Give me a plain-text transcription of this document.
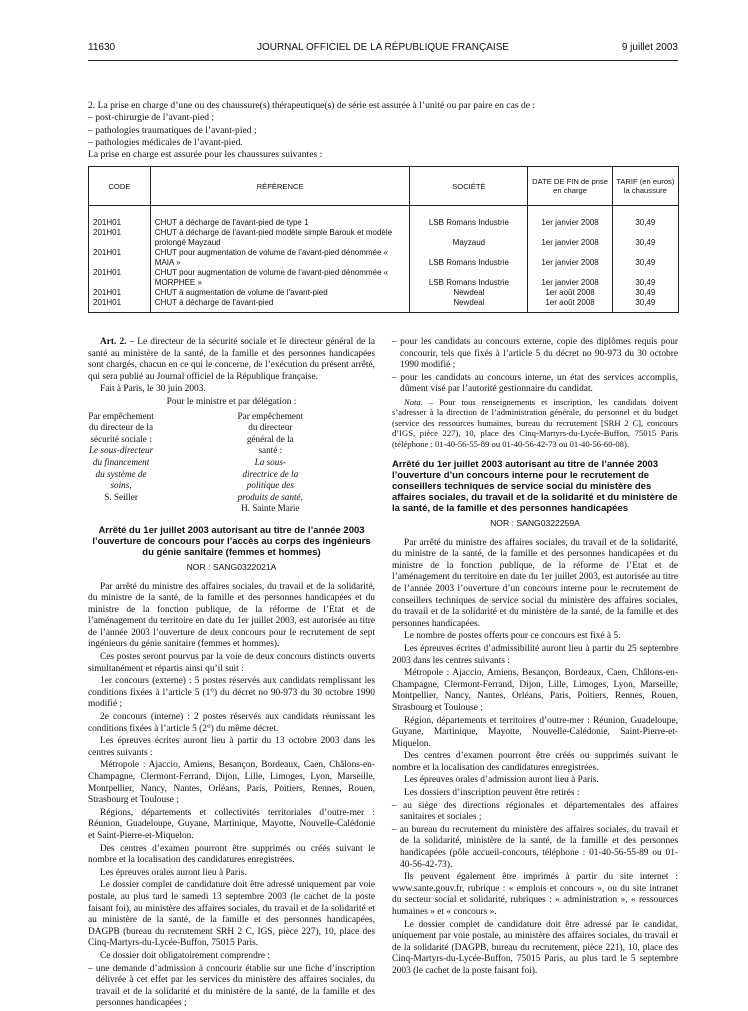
11630	JOURNAL OFFICIEL DE LA RÉPUBLIQUE FRANÇAISE	9 juillet 2003

2. La prise en charge d’une ou des chaussure(s) thérapeutique(s) de série est assurée à l’unité ou par paire en cas de :

– post-chirurgie de l’avant-pied ;

– pathologies traumatiques de l’avant-pied ;

– pathologies médicales de l’avant-pied.

La prise en charge est assurée pour les chaussures suivantes :

CODE	RÉFÉRENCE	SOCIÉTÉ	DATE DE FIN de prise en charge	TARIF (en euros) la chaussure
201H01	CHUT à décharge de l’avant-pied de type 1	LSB Romans Industrie	1er janvier 2008	30,49
201H01	CHUT à décharge de l’avant-pied modèle simple Barouk et modèle prolongé Mayzaud	Mayzaud	1er janvier 2008	30,49
201H01	CHUT pour augmentation de volume de l’avant-pied dénommée « MAIA »	LSB Romans Industrie	1er janvier 2008	30,49
201H01	CHUT pour augmentation de volume de l’avant-pied dénommée « MORPHEE »	LSB Romans Industrie	1er janvier 2008	30,49
201H01	CHUT à augmentation de volume de l’avant-pied	Newdeal	1er août 2008	30,49
201H01	CHUT à décharge de l’avant-pied	Newdeal	1er août 2008	30,49

Art. 2. – Le directeur de la sécurité sociale et le directeur général de la santé au ministère de la santé, de la famille et des personnes handicapées sont chargés, chacun en ce qui le concerne, de l’exécution du présent arrêté, qui sera publié au Journal officiel de la République française.

Fait à Paris, le 30 juin 2003.

Pour le ministre et par délégation :

Par empêchement du directeur de la sécurité sociale :
Le sous-directeur du financement du système de soins,
S. Seiller
Par empêchement du directeur général de la santé :
La sous-directrice de la politique des produits de santé,
H. Sainte Marie
Arrêté du 1er juillet 2003 autorisant au titre de l’année 2003 l’ouverture de concours pour l’accès au corps des ingénieurs du génie sanitaire (femmes et hommes)
NOR : SANG0322021A

Par arrêté du ministre des affaires sociales, du travail et de la solidarité, du ministre de la santé, de la famille et des personnes handicapées et du ministre de la fonction publique, de la réforme de l’Etat et de l’aménagement du territoire en date du 1er juillet 2003, est autorisée au titre de l’année 2003 l’ouverture de deux concours pour le recrutement de sept ingénieurs du génie sanitaire (femmes et hommes).

Ces postes seront pourvus par la voie de deux concours distincts ouverts simultanément et répartis ainsi qu’il suit :

1er concours (externe) : 5 postes réservés aux candidats remplissant les conditions fixées à l’article 5 (1°) du décret no 90-973 du 30 octobre 1990 modifié ;

2e concours (interne) : 2 postes réservés aux candidats réunissant les conditions fixées à l’article 5 (2°) du même décret.

Les épreuves écrites auront lieu à partir du 13 octobre 2003 dans les centres suivants :

Métropole : Ajaccio, Amiens, Besançon, Bordeaux, Caen, Châlons-en-Champagne, Clermont-Ferrand, Dijon, Lille, Limoges, Lyon, Marseille, Montpellier, Nancy, Nantes, Orléans, Paris, Poitiers, Rennes, Rouen, Strasbourg et Toulouse ;

Régions, départements et collectivités territoriales d’outre-mer : Réunion, Guadeloupe, Guyane, Martinique, Mayotte, Nouvelle-Calédonie et Saint-Pierre-et-Miquelon.

Des centres d’examen pourront être supprimés ou créés suivant le nombre et la localisation des candidatures enregistrées.

Les épreuves orales auront lieu à Paris.

Le dossier complet de candidature doit être adressé uniquement par voie postale, au plus tard le samedi 13 septembre 2003 (le cachet de la poste faisant foi), au ministère des affaires sociales, du travail et de la solidarité et au ministère de la santé, de la famille et des personnes handicapées, DAGPB (bureau du recrutement SRH 2 C, IGS, pièce 227), 10, place des Cinq-Martyrs-du-Lycée-Buffon, 75015 Paris.

Ce dossier doit obligatoirement comprendre :

– une demande d’admission à concourir établie sur une fiche d’inscription délivrée à cet effet par les services du ministère des affaires sociales, du travail et de la solidarité et du ministère de la santé, de la famille et des personnes handicapées ;

– pour les candidats au concours externe, copie des diplômes requis pour concourir, tels que fixés à l’article 5 du décret no 90-973 du 30 octobre 1990 modifié ;

– pour les candidats au concours interne, un état des services accomplis, dûment visé par l’autorité gestionnaire du candidat.

Nota. – Pour tous renseignements et inscription, les candidats doivent s’adresser à la direction de l’administration générale, du personnel et du budget (service des ressources humaines, bureau du recrutement [SRH 2 C], concours d’IGS, pièce 227), 10, place des Cinq-Martyrs-du-Lycée-Buffon, 75015 Paris (téléphone : 01-40-56-55-89 ou 01-40-56-42-73 ou 01-40-56-60-08).

Arrêté du 1er juillet 2003 autorisant au titre de l’année 2003 l’ouverture d’un concours interne pour le recrutement de conseillers techniques de service social du ministère des affaires sociales, du travail et de la solidarité et du ministère de la santé, de la famille et des personnes handicapées
NOR : SANG0322259A

Par arrêté du ministre des affaires sociales, du travail et de la solidarité, du ministre de la santé, de la famille et des personnes handicapées et du ministre de la fonction publique, de la réforme de l’Etat et de l’aménagement du territoire en date du 1er juillet 2003, est autorisée au titre de l’année 2003 l’ouverture d’un concours interne pour le recrutement de conseillers techniques de service social du ministère des affaires sociales, du travail et de la solidarité et du ministère de la santé, de la famille et des personnes handicapées.

Le nombre de postes offerts pour ce concours est fixé à 5.

Les épreuves écrites d’admissibilité auront lieu à partir du 25 septembre 2003 dans les centres suivants :

Métropole : Ajaccio, Amiens, Besançon, Bordeaux, Caen, Châlons-en-Champagne, Clermont-Ferrand, Dijon, Lille, Limoges, Lyon, Marseille, Montpellier, Nancy, Nantes, Orléans, Paris, Poitiers, Rennes, Rouen, Strasbourg et Toulouse ;

Région, départements et territoires d’outre-mer : Réunion, Guadeloupe, Guyane, Martinique, Mayotte, Nouvelle-Calédonie, Saint-Pierre-et-Miquelon.

Des centres d’examen pourront être créés ou supprimés suivant le nombre et la localisation des candidatures enregistrées.

Les épreuves orales d’admission auront lieu à Paris.

Les dossiers d’inscription peuvent être retirés :

– au siège des directions régionales et départementales des affaires sanitaires et sociales ;

– au bureau du recrutement du ministère des affaires sociales, du travail et de la solidarité, ministère de la santé, de la famille et des personnes handicapées (pôle accueil-concours, téléphone : 01-40-56-55-89 ou 01-40-56-42-73).

Ils peuvent également être imprimés à partir du site internet : www.sante.gouv.fr, rubrique : « emplois et concours », ou du site intranet du secteur social et solidarité, rubriques : « administration », « ressources humaines » et « concours ».

Le dossier complet de candidature doit être adressé par le candidat, uniquement par voie postale, au ministère des affaires sociales, du travail et de la solidarité (DAGPB, bureau du recrutement, pièce 221), 10, place des Cinq-Martyrs-du-Lycée-Buffon, 75015 Paris, au plus tard le 5 septembre 2003 (le cachet de la poste faisant foi).
